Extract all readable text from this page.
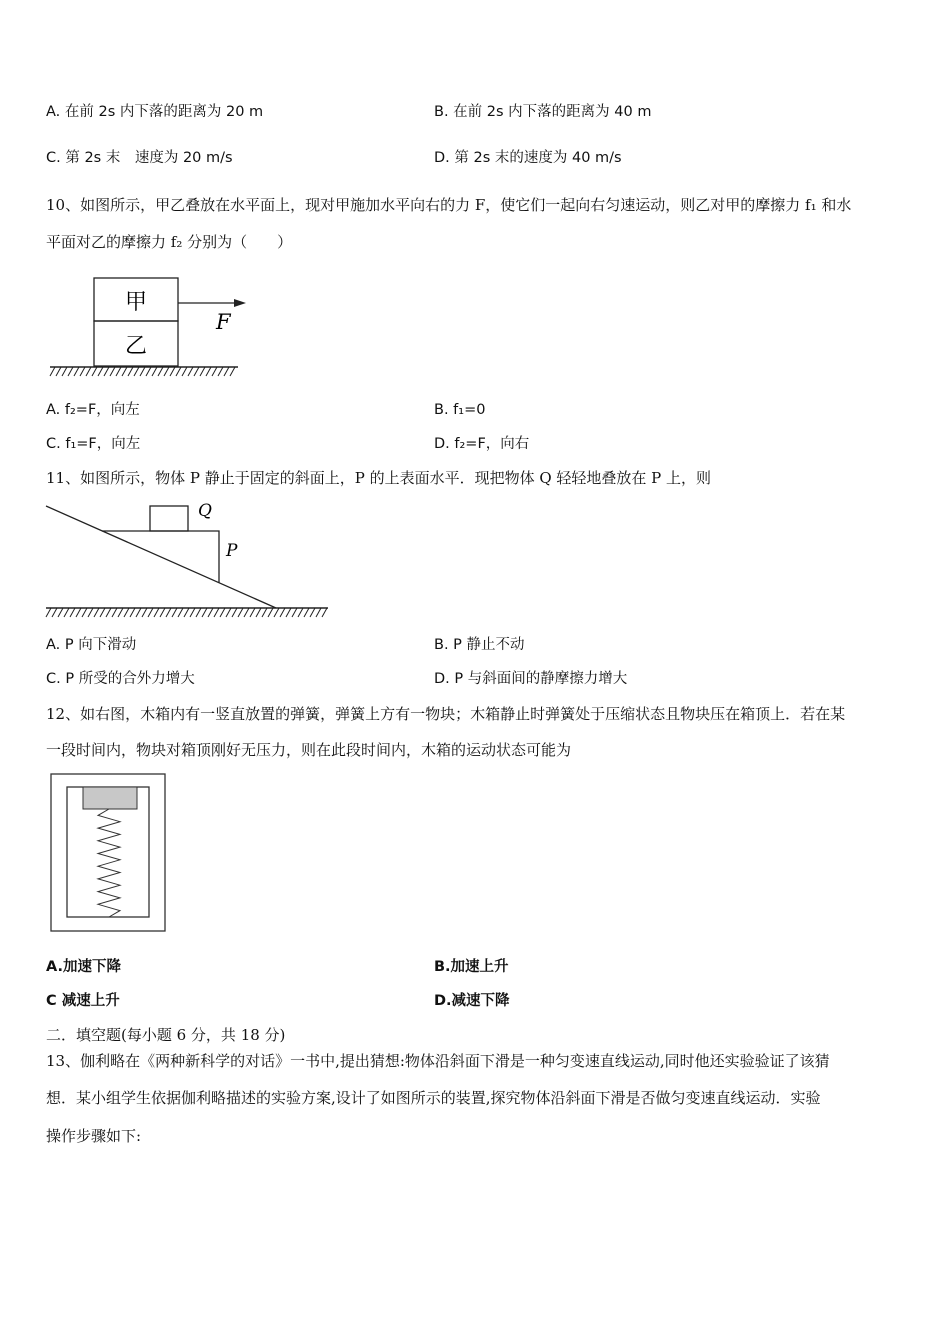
A. 在前 2s 内下落的距离为 20 m	B. 在前 2s 内下落的距离为 40 m
C. 第 2s 末　速度为 20 m/s	D. 第 2s 末的速度为 40 m/s
10、如图所示，甲乙叠放在水平面上，现对甲施加水平向右的力 F，使它们一起向右匀速运动，则乙对甲的摩擦力 f₁ 和水
平面对乙的摩擦力 f₂ 分别为（　　）
甲
乙
F
A. f₂=F，向左	B. f₁=0
C. f₁=F，向左	D. f₂=F，向右
11、如图所示，物体 P 静止于固定的斜面上，P 的上表面水平．现把物体 Q 轻轻地叠放在 P 上，则
Q
P
A. P 向下滑动	B. P 静止不动
C. P 所受的合外力增大	D. P 与斜面间的静摩擦力增大
12、如右图，木箱内有一竖直放置的弹簧，弹簧上方有一物块；木箱静止时弹簧处于压缩状态且物块压在箱顶上．若在某
一段时间内，物块对箱顶刚好无压力，则在此段时间内，木箱的运动状态可能为
A.加速下降	B.加速上升
C 减速上升	D.减速下降
二．填空题(每小题 6 分，共 18 分)
13、伽利略在《两种新科学的对话》一书中,提出猜想:物体沿斜面下滑是一种匀变速直线运动,同时他还实验验证了该猜
想．某小组学生依据伽利略描述的实验方案,设计了如图所示的装置,探究物体沿斜面下滑是否做匀变速直线运动．实验
操作步骤如下:
